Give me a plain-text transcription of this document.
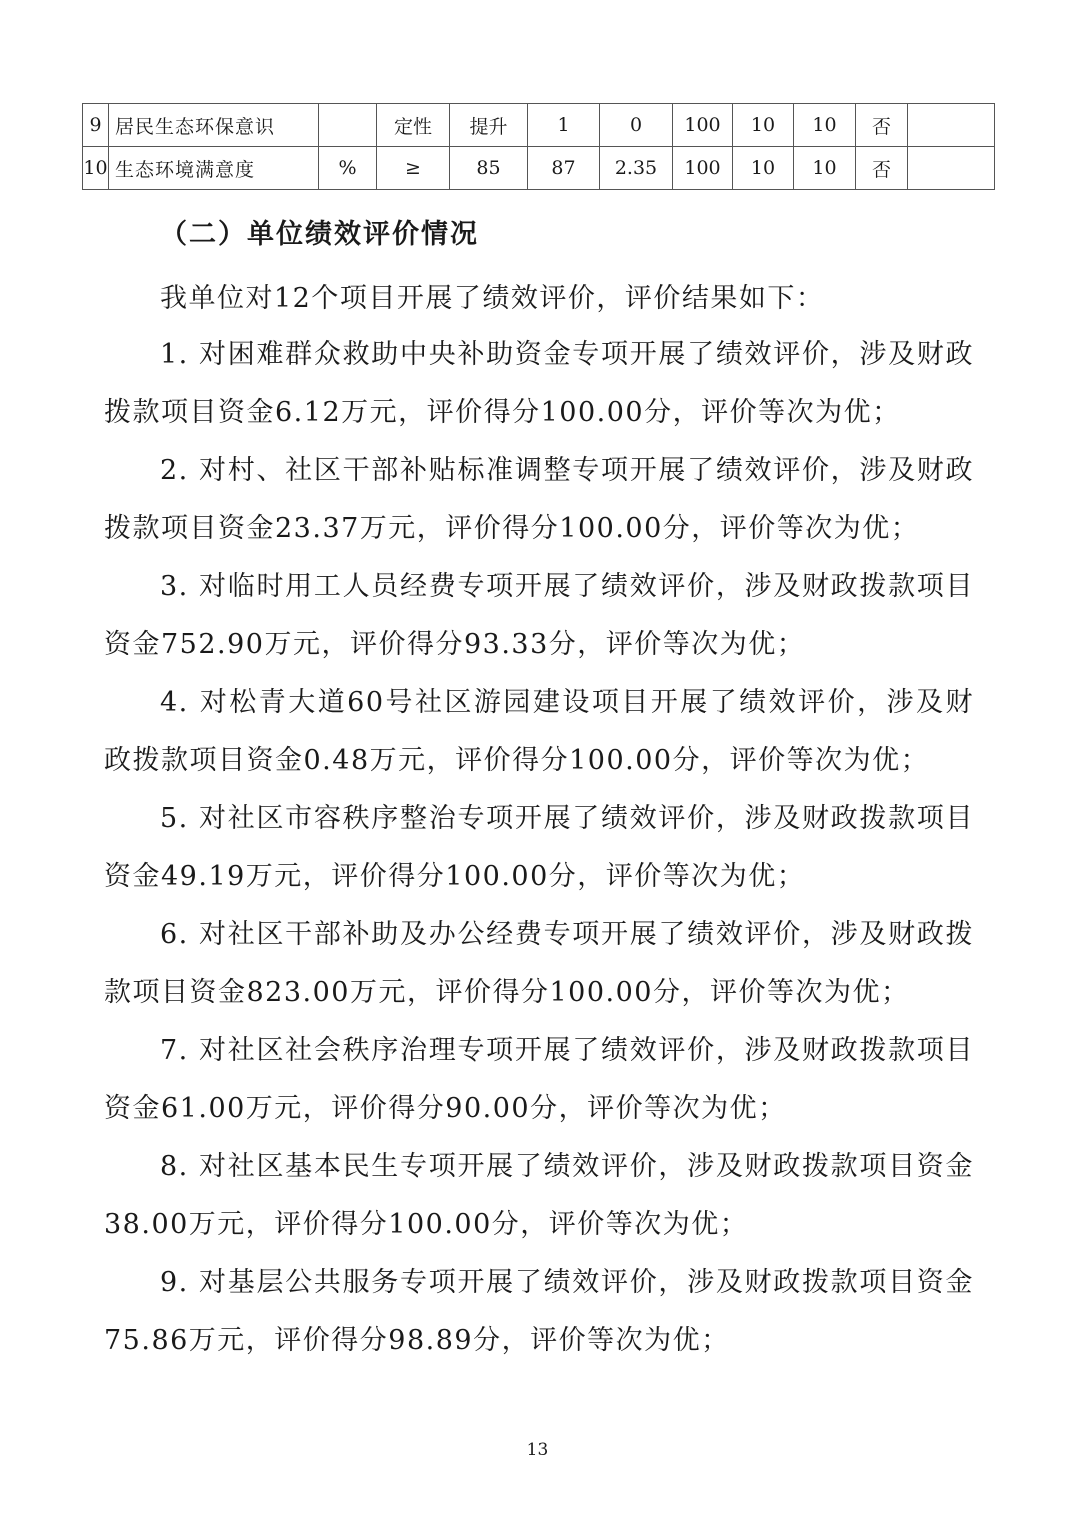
9	居民生态环保意识		定性	提升	1	0	100	10	10	否	
10	生态环境满意度	%	≥	85	87	2.35	100	10	10	否	
（二）单位绩效评价情况
我单位对12个项目开展了绩效评价，评价结果如下：

1. 对困难群众救助中央补助资金专项开展了绩效评价，涉及财政拨款项目资金6.12万元，评价得分100.00分，评价等次为优；

2. 对村、社区干部补贴标准调整专项开展了绩效评价，涉及财政拨款项目资金23.37万元，评价得分100.00分，评价等次为优；

3. 对临时用工人员经费专项开展了绩效评价，涉及财政拨款项目资金752.90万元，评价得分93.33分，评价等次为优；

4. 对松青大道60号社区游园建设项目开展了绩效评价，涉及财政拨款项目资金0.48万元，评价得分100.00分，评价等次为优；

5. 对社区市容秩序整治专项开展了绩效评价，涉及财政拨款项目资金49.19万元，评价得分100.00分，评价等次为优；

6. 对社区干部补助及办公经费专项开展了绩效评价，涉及财政拨款项目资金823.00万元，评价得分100.00分，评价等次为优；

7. 对社区社会秩序治理专项开展了绩效评价，涉及财政拨款项目资金61.00万元，评价得分90.00分，评价等次为优；

8. 对社区基本民生专项开展了绩效评价，涉及财政拨款项目资金38.00万元，评价得分100.00分，评价等次为优；

9. 对基层公共服务专项开展了绩效评价，涉及财政拨款项目资金75.86万元，评价得分98.89分，评价等次为优；

13
